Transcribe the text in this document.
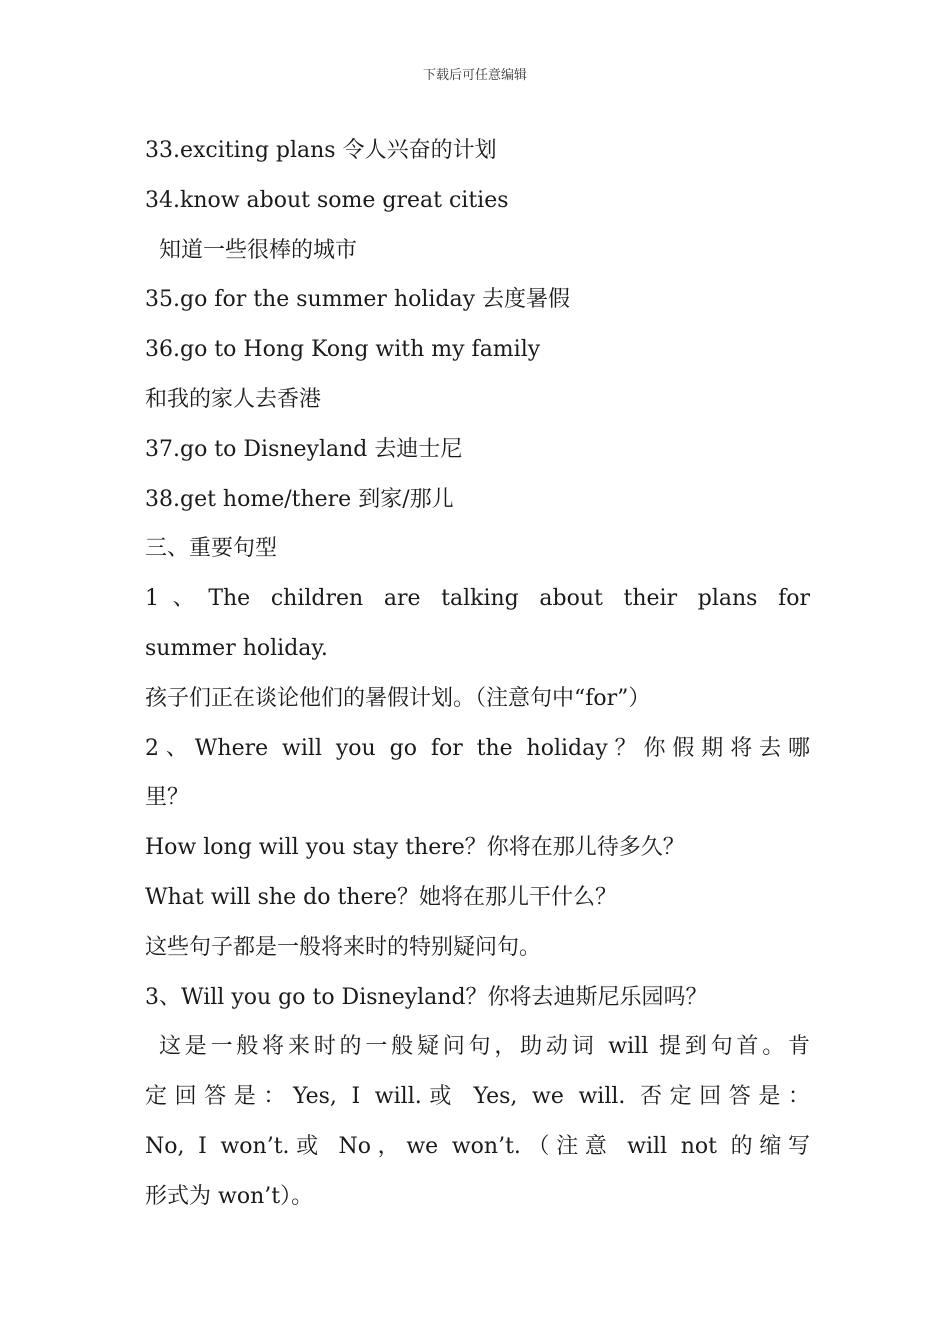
下载后可任意编辑
33.exciting plans 令人兴奋的计划
34.know about some great cities
知道一些很棒的城市
35.go for the summer holiday 去度暑假
36.go to Hong Kong with my family
和我的家人去香港
37.go to Disneyland 去迪士尼
38.get home/there 到家/那儿
三、重要句型
1、The children are talking about their plans for
summer holiday.
孩子们正在谈论他们的暑假计划。（注意句中“for”）
2、Where will you go for the holiday？你假期将去哪
里？
How long will you stay there？你将在那儿待多久？
What will she do there？她将在那儿干什么？
这些句子都是一般将来时的特别疑问句。
3、Will you go to Disneyland？你将去迪斯尼乐园吗？
这是一般将来时的一般疑问句，助动词 will 提到句首。肯
定回答是：Yes, I will.或 Yes, we will. 否定回答是：
No, I won’t.或 No，we won’t.（注意 will not 的缩写
形式为 won’t）。
